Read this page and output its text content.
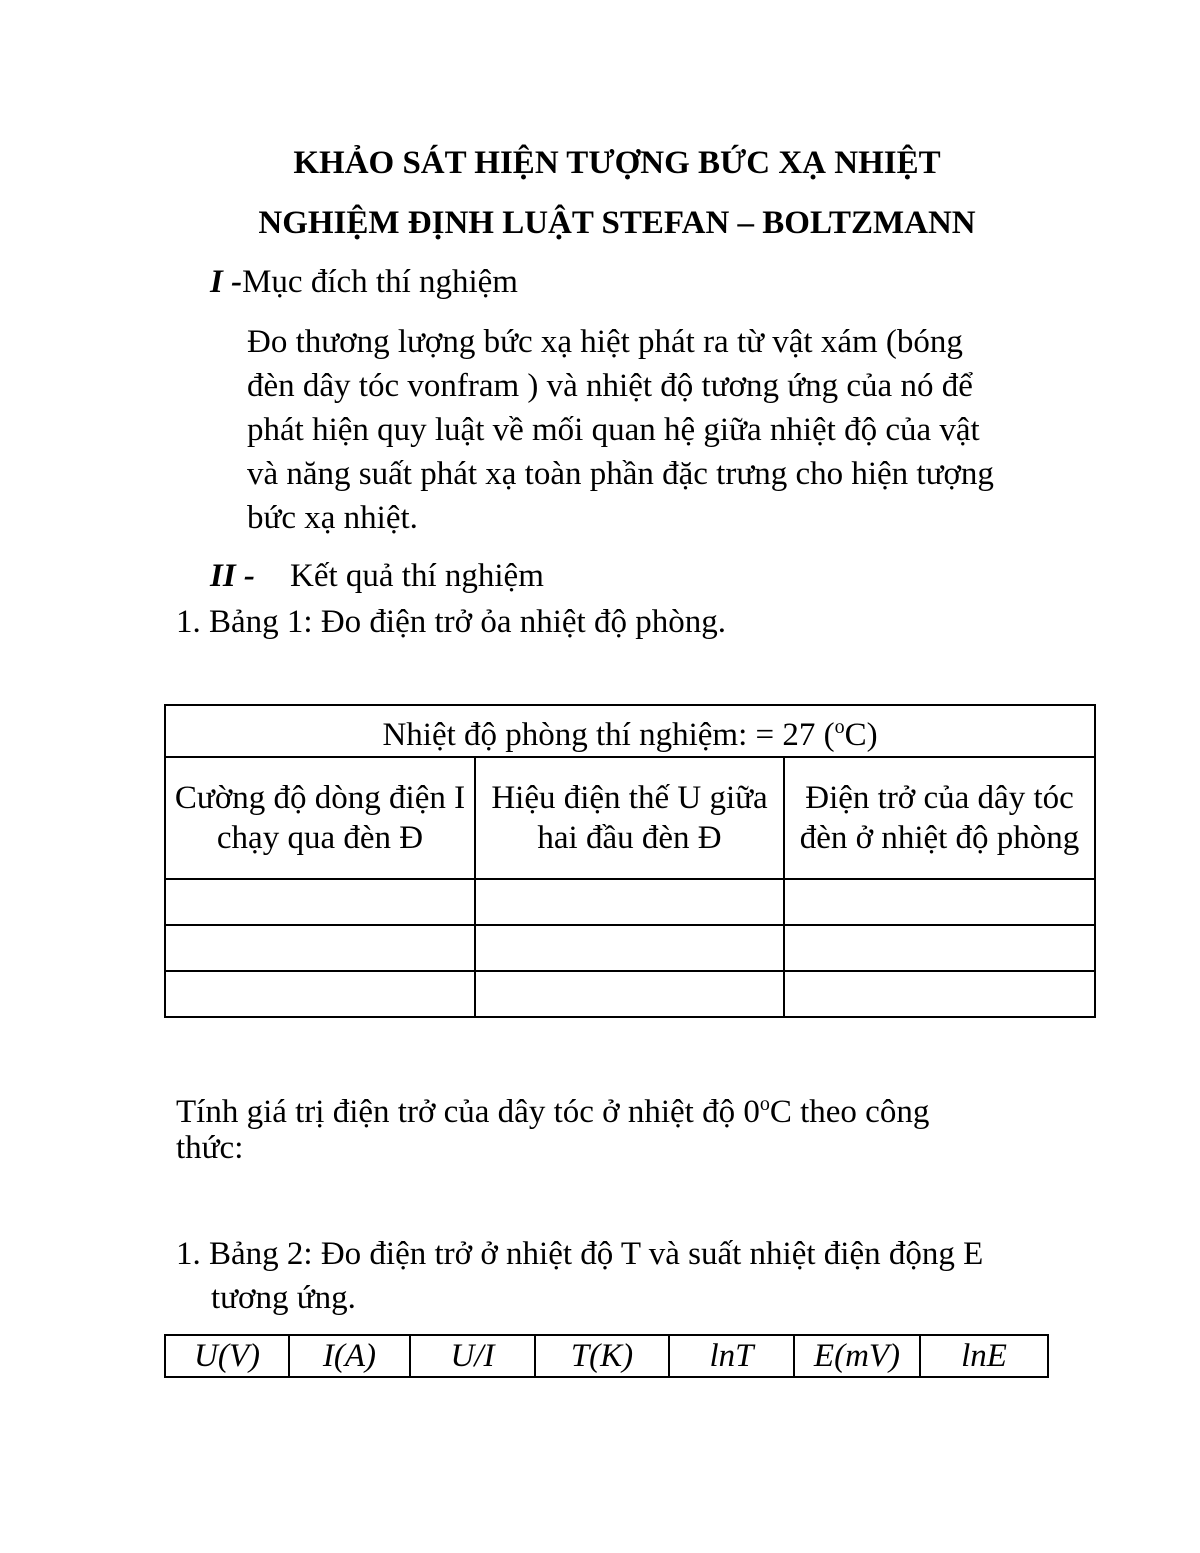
KHẢO SÁT HIỆN TƯỢNG BỨC XẠ NHIỆT
NGHIỆM ĐỊNH LUẬT STEFAN – BOLTZMANN
I -Mục đích thí nghiệm
Đo thương lượng bức xạ hiệt phát ra từ vật xám (bóng
đèn dây tóc vonfram ) và nhiệt độ tương ứng của nó để
phát hiện quy luật về mối quan hệ giữa nhiệt độ của vật
và năng suất phát xạ toàn phần đặc trưng cho hiện tượng
bức xạ nhiệt.
II - Kết quả thí nghiệm
1. Bảng 1: Đo điện trở ỏa nhiệt độ phòng.
Nhiệt độ phòng thí nghiệm: = 27 ($^o$C)		
Cường độ dòng điện I chạy qua đèn Đ	Hiệu điện thế U giữa hai đầu đèn Đ	Điện trở của dây tóc đèn ở nhiệt độ phòng

Tính giá trị điện trở của dây tóc ở nhiệt độ 0$^o$C theo công
thức:
1. Bảng 2: Đo điện trở ở nhiệt độ T và suất nhiệt điện động E
tương ứng.
U(V)	I(A)	U/I	T(K)	lnT	E(mV)	lnE
